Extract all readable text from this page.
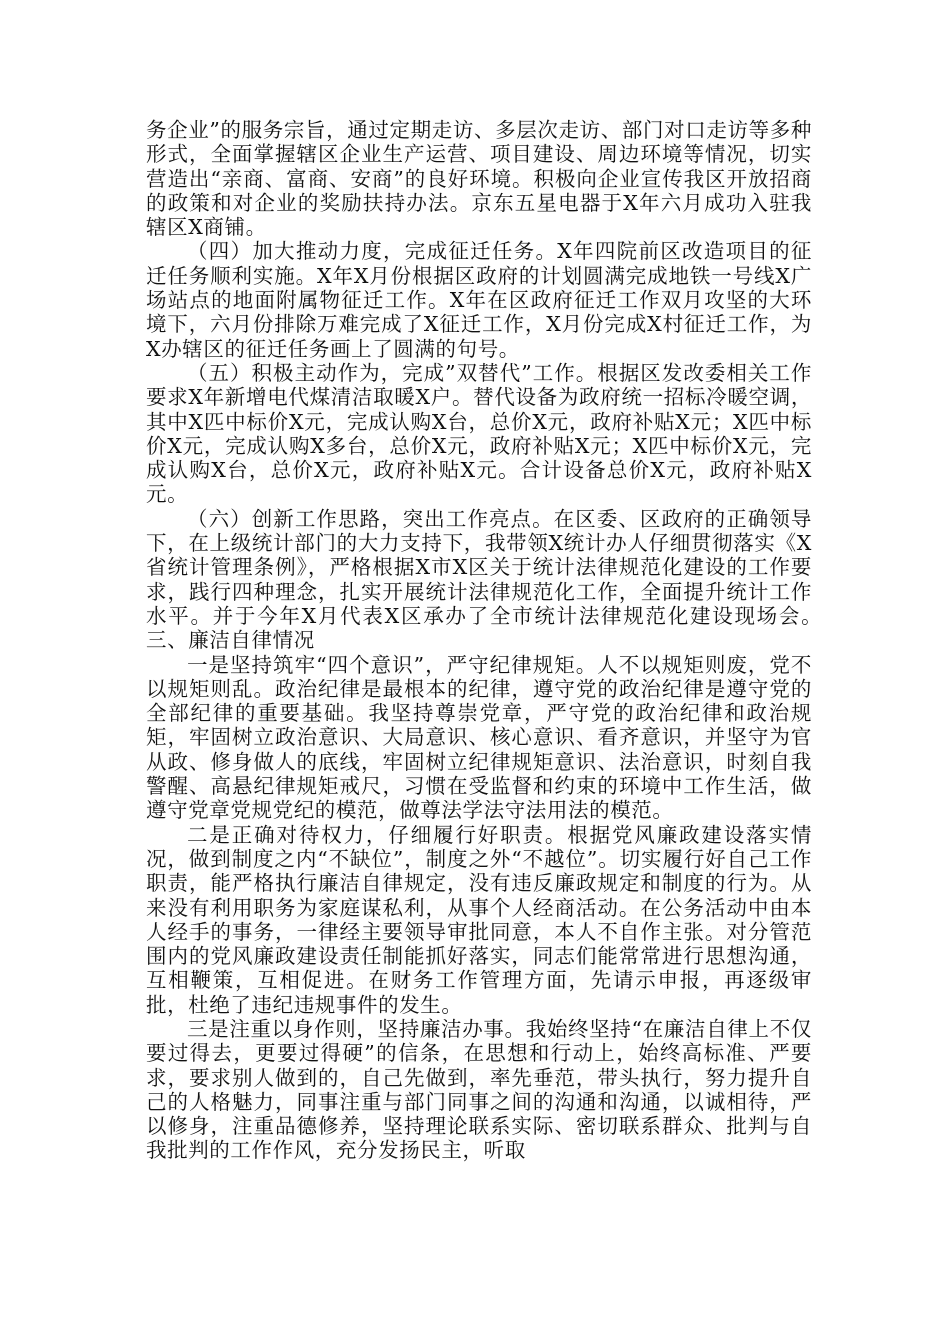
务企业”的服务宗旨，通过定期走访、多层次走访、部门对口走访等多种形式，全面掌握辖区企业生产运营、项目建设、周边环境等情况，切实营造出“亲商、富商、安商”的良好环境。积极向企业宣传我区开放招商的政策和对企业的奖励扶持办法。京东五星电器于X年六月成功入驻我辖区X商铺。

（四）加大推动力度，完成征迁任务。X年四院前区改造项目的征迁任务顺利实施。X年X月份根据区政府的计划圆满完成地铁一号线X广场站点的地面附属物征迁工作。X年在区政府征迁工作双月攻坚的大环境下，六月份排除万难完成了X征迁工作，X月份完成X村征迁工作，为X办辖区的征迁任务画上了圆满的句号。

（五）积极主动作为，完成”双替代”工作。根据区发改委相关工作要求X年新增电代煤清洁取暖X户。替代设备为政府统一招标冷暖空调，其中X匹中标价X元，完成认购X台，总价X元，政府补贴X元；X匹中标价X元，完成认购X多台，总价X元，政府补贴X元；X匹中标价X元，完成认购X台，总价X元，政府补贴X元。合计设备总价X元，政府补贴X元。

（六）创新工作思路，突出工作亮点。在区委、区政府的正确领导下，在上级统计部门的大力支持下，我带领X统计办人仔细贯彻落实《X省统计管理条例》，严格根据X市X区关于统计法律规范化建设的工作要求，践行四种理念，扎实开展统计法律规范化工作，全面提升统计工作水平。并于今年X月代表X区承办了全市统计法律规范化建设现场会。　　　三、廉洁自律情况

一是坚持筑牢“四个意识”，严守纪律规矩。人不以规矩则废，党不以规矩则乱。政治纪律是最根本的纪律，遵守党的政治纪律是遵守党的全部纪律的重要基础。我坚持尊崇党章，严守党的政治纪律和政治规矩，牢固树立政治意识、大局意识、核心意识、看齐意识，并坚守为官从政、修身做人的底线，牢固树立纪律规矩意识、法治意识，时刻自我警醒、高悬纪律规矩戒尺，习惯在受监督和约束的环境中工作生活，做遵守党章党规党纪的模范，做尊法学法守法用法的模范。

二是正确对待权力，仔细履行好职责。根据党风廉政建设落实情况，做到制度之内“不缺位”，制度之外“不越位”。切实履行好自己工作职责，能严格执行廉洁自律规定，没有违反廉政规定和制度的行为。从来没有利用职务为家庭谋私利，从事个人经商活动。在公务活动中由本人经手的事务，一律经主要领导审批同意，本人不自作主张。对分管范围内的党风廉政建设责任制能抓好落实，同志们能常常进行思想沟通，互相鞭策，互相促进。在财务工作管理方面，先请示申报，再逐级审批，杜绝了违纪违规事件的发生。

三是注重以身作则，坚持廉洁办事。我始终坚持“在廉洁自律上不仅要过得去，更要过得硬”的信条，在思想和行动上，始终高标准、严要求，要求别人做到的，自己先做到，率先垂范，带头执行，努力提升自己的人格魅力，同事注重与部门同事之间的沟通和沟通，以诚相待，严以修身，注重品德修养，坚持理论联系实际、密切联系群众、批判与自我批判的工作作风，充分发扬民主，听取
